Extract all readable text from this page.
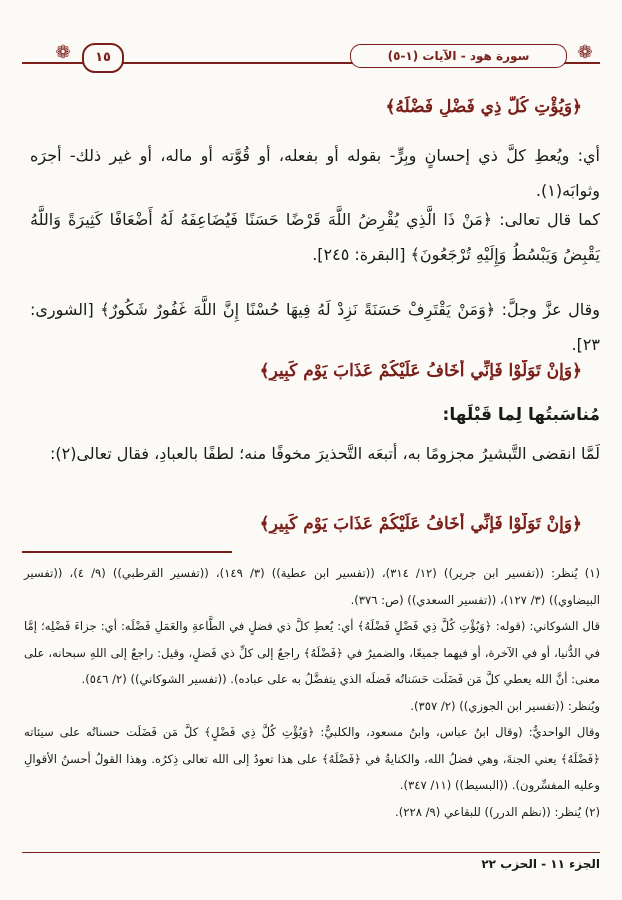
❁	١٥	سورة هود - الآيات (١-٥)	❁
﴿وَيُؤْتِ كُلَّ ذِي فَضْلٍ فَضْلَهُ﴾
أي: ويُعطِ كلَّ ذي إحسانٍ وبِرٍّ- بقوله أو بفعله، أو قُوَّته أو ماله، أو غير ذلك- أجرَه وثوابَه(١).
كما قال تعالى: ﴿مَنْ ذَا الَّذِي يُقْرِضُ اللَّهَ قَرْضًا حَسَنًا فَيُضَاعِفَهُ لَهُ أَضْعَافًا كَثِيرَةً وَاللَّهُ يَقْبِضُ وَيَبْسُطُ وَإِلَيْهِ تُرْجَعُونَ﴾ [البقرة: ٢٤٥].
وقال عزَّ وجلَّ: ﴿وَمَنْ يَقْتَرِفْ حَسَنَةً نَزِدْ لَهُ فِيهَا حُسْنًا إِنَّ اللَّهَ غَفُورٌ شَكُورٌ﴾ [الشورى: ٢٣].
﴿وَإِنْ تَوَلَّوْا فَإِنِّي أَخَافُ عَلَيْكُمْ عَذَابَ يَوْمٍ كَبِيرٍ﴾
مُناسَبتُها لِما قَبْلَها:
لَمَّا انقضى التَّبشيرُ مجزومًا به، أتبعَه التَّحذيرَ مخوفًا منه؛ لطفًا بالعبادِ، فقال تعالى(٢):
﴿وَإِنْ تَوَلَّوْا فَإِنِّي أَخَافُ عَلَيْكُمْ عَذَابَ يَوْمٍ كَبِيرٍ﴾

(١) يُنظر: ((تفسير ابن جرير)) (١٢/ ٣١٤)، ((تفسير ابن عطية)) (٣/ ١٤٩)، ((تفسير القرطبي)) (٩/ ٤)، ((تفسير البيضاوي)) (٣/ ١٢٧)، ((تفسير السعدي)) (ص: ٣٧٦).

قال الشوكاني: (قوله: ﴿وَيُؤْتِ كُلَّ ذِي فَضْلٍ فَضْلَهُ﴾ أي: يُعطِ كلَّ ذي فضلٍ في الطَّاعةِ والعَمَلِ فَضْلَه: أي: جزاءَ فَضْلِه؛ إمَّا في الدُّنيا، أو في الآخرة، أو فيهما جميعًا، والضميرُ في ﴿فَضْلَهُ﴾ راجعٌ إلى كلِّ ذي فَضلٍ، وقيل: راجعٌ إلى اللهِ سبحانه، على معنى: أنَّ الله يعطي كلَّ مَن فَضَلَت حَسَناتُه فَضلَه الذي يتفضَّلُ به على عباده). ((تفسير الشوكاني)) (٢/ ٥٤٦).

ويُنظر: ((تفسير ابن الجوزي)) (٢/ ٣٥٧).

وقال الواحديُّ: (وقال ابنُ عباس، وابنُ مسعود، والكلبيُّ: ﴿وَيُؤْتِ كُلَّ ذِي فَضْلٍ﴾ كلَّ مَن فَضَلَت حسناتُه على سيئاته ﴿فَضْلَهُ﴾ يعني الجنةَ، وهي فضلُ الله، والكنايةُ في ﴿فَضْلَهُ﴾ على هذا تعودُ إلى الله تعالى ذِكرُه. وهذا القولُ أحسنُ الأقوالِ وعليه المفسِّرون). ((البسيط)) (١١/ ٣٤٧).

(٢) يُنظر: ((نظم الدرر)) للبقاعي (٩/ ٢٢٨).

الجزء ١١ - الحزب ٢٢
